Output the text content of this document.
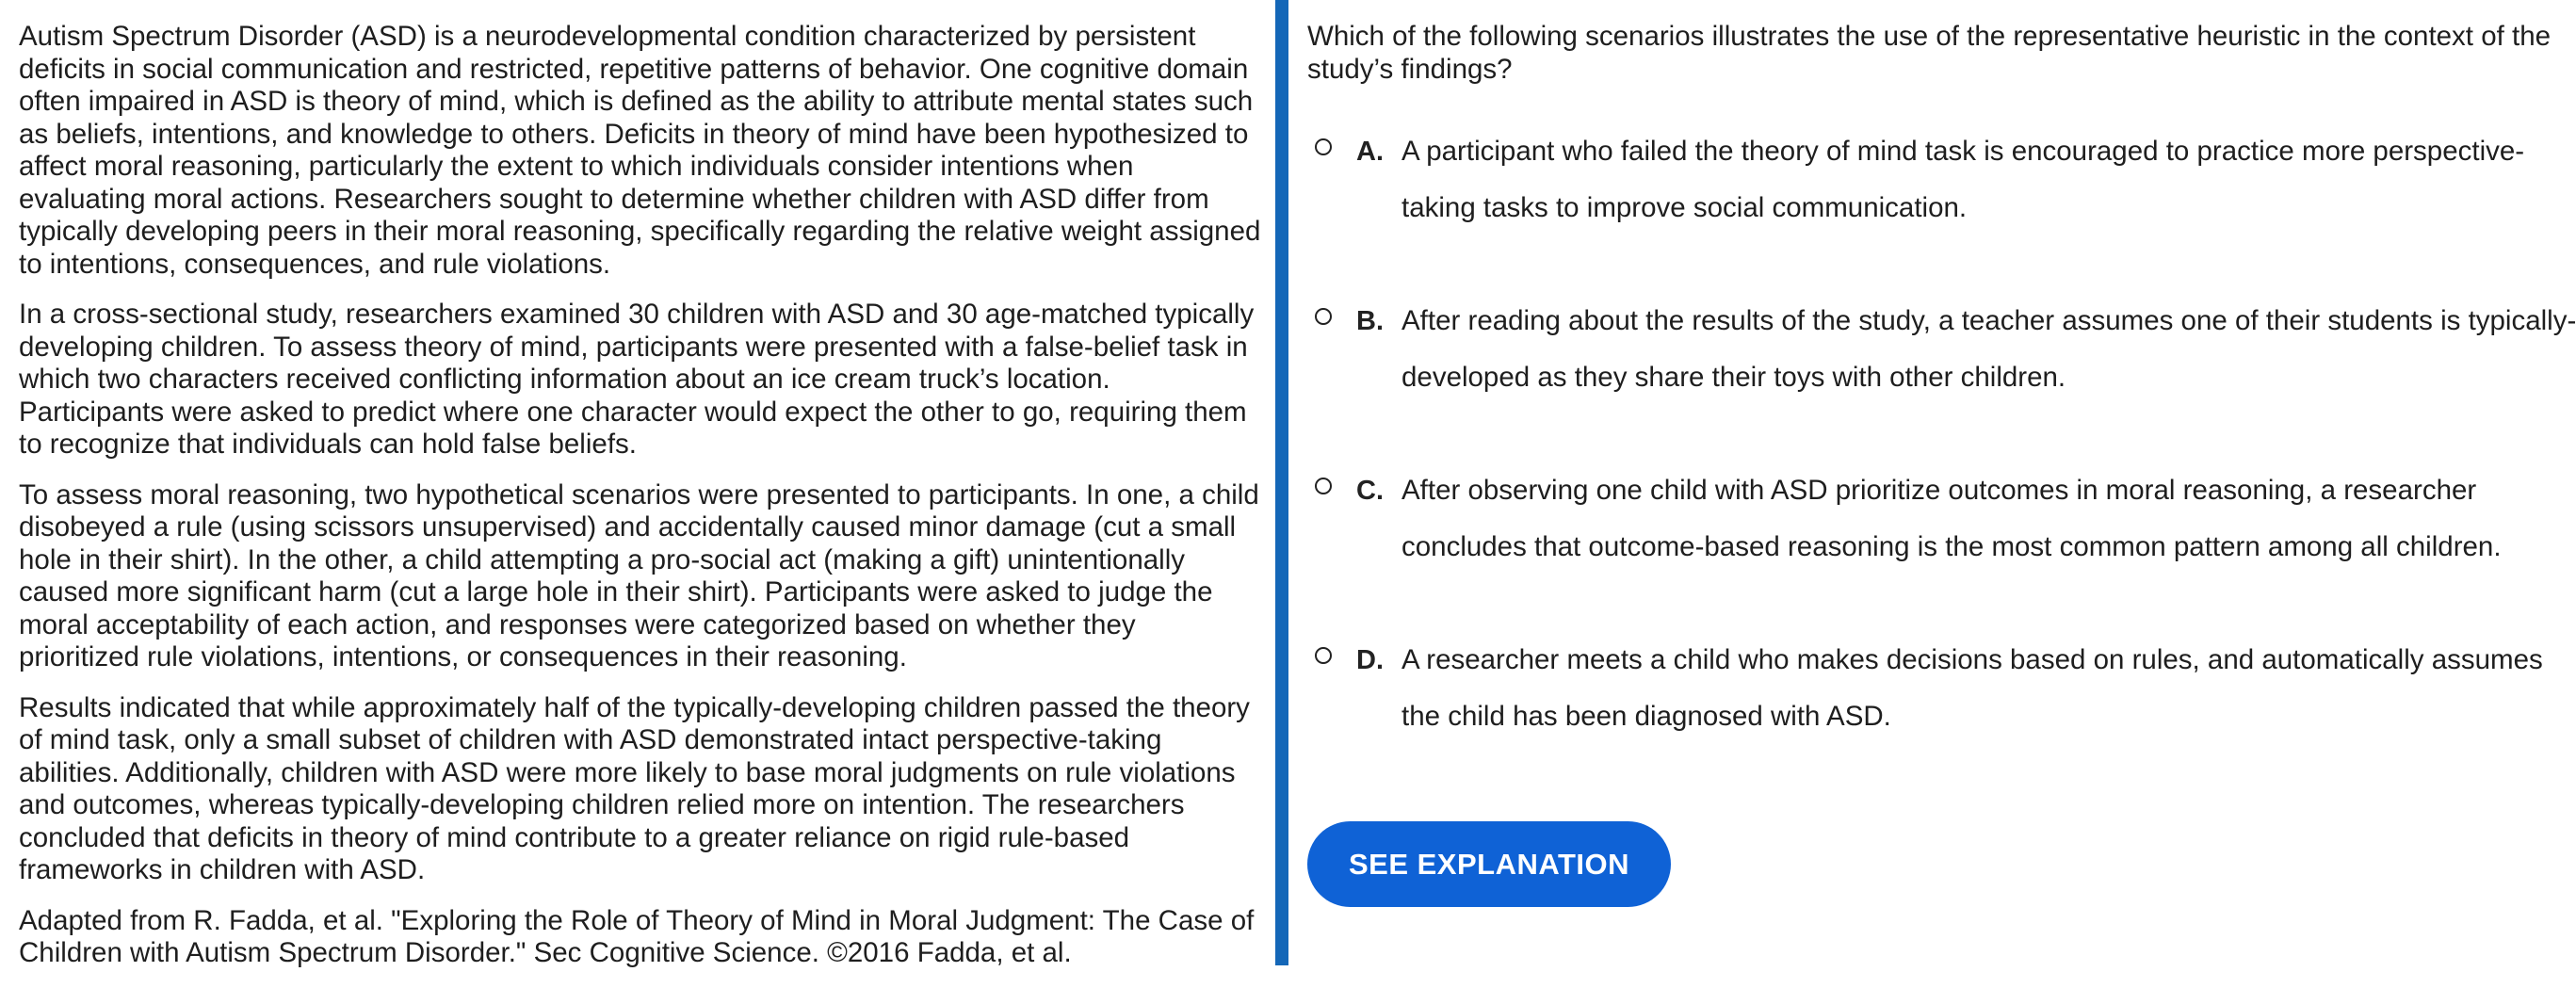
Autism Spectrum Disorder (ASD) is a neurodevelopmental condition characterized by persistent deficits in social communication and restricted, repetitive patterns of behavior. One cognitive domain often impaired in ASD is theory of mind, which is defined as the ability to attribute mental states such as beliefs, intentions, and knowledge to others. Deficits in theory of mind have been hypothesized to affect moral reasoning, particularly the extent to which individuals consider intentions when evaluating moral actions. Researchers sought to determine whether children with ASD differ from typically developing peers in their moral reasoning, specifically regarding the relative weight assigned to intentions, consequences, and rule violations.

In a cross-sectional study, researchers examined 30 children with ASD and 30 age-matched typically developing children. To assess theory of mind, participants were presented with a false-belief task in which two characters received conflicting information about an ice cream truck’s location. Participants were asked to predict where one character would expect the other to go, requiring them to recognize that individuals can hold false beliefs.

To assess moral reasoning, two hypothetical scenarios were presented to participants. In one, a child disobeyed a rule (using scissors unsupervised) and accidentally caused minor damage (cut a small hole in their shirt). In the other, a child attempting a pro-social act (making a gift) unintentionally caused more significant harm (cut a large hole in their shirt). Participants were asked to judge the moral acceptability of each action, and responses were categorized based on whether they prioritized rule violations, intentions, or consequences in their reasoning.

Results indicated that while approximately half of the typically-developing children passed the theory of mind task, only a small subset of children with ASD demonstrated intact perspective-taking abilities. Additionally, children with ASD were more likely to base moral judgments on rule violations and outcomes, whereas typically-developing children relied more on intention. The researchers concluded that deficits in theory of mind contribute to a greater reliance on rigid rule-based frameworks in children with ASD.

Adapted from R. Fadda, et al. "Exploring the Role of Theory of Mind in Moral Judgment: The Case of Children with Autism Spectrum Disorder." Sec Cognitive Science. ©2016 Fadda, et al.

Which of the following scenarios illustrates the use of the representative heuristic in the context of the study’s findings?
A. A participant who failed the theory of mind task is encouraged to practice more perspective-taking tasks to improve social communication.
B. After reading about the results of the study, a teacher assumes one of their students is typically-developed as they share their toys with other children.
C. After observing one child with ASD prioritize outcomes in moral reasoning, a researcher concludes that outcome-based reasoning is the most common pattern among all children.
D. A researcher meets a child who makes decisions based on rules, and automatically assumes the child has been diagnosed with ASD.
SEE EXPLANATION
